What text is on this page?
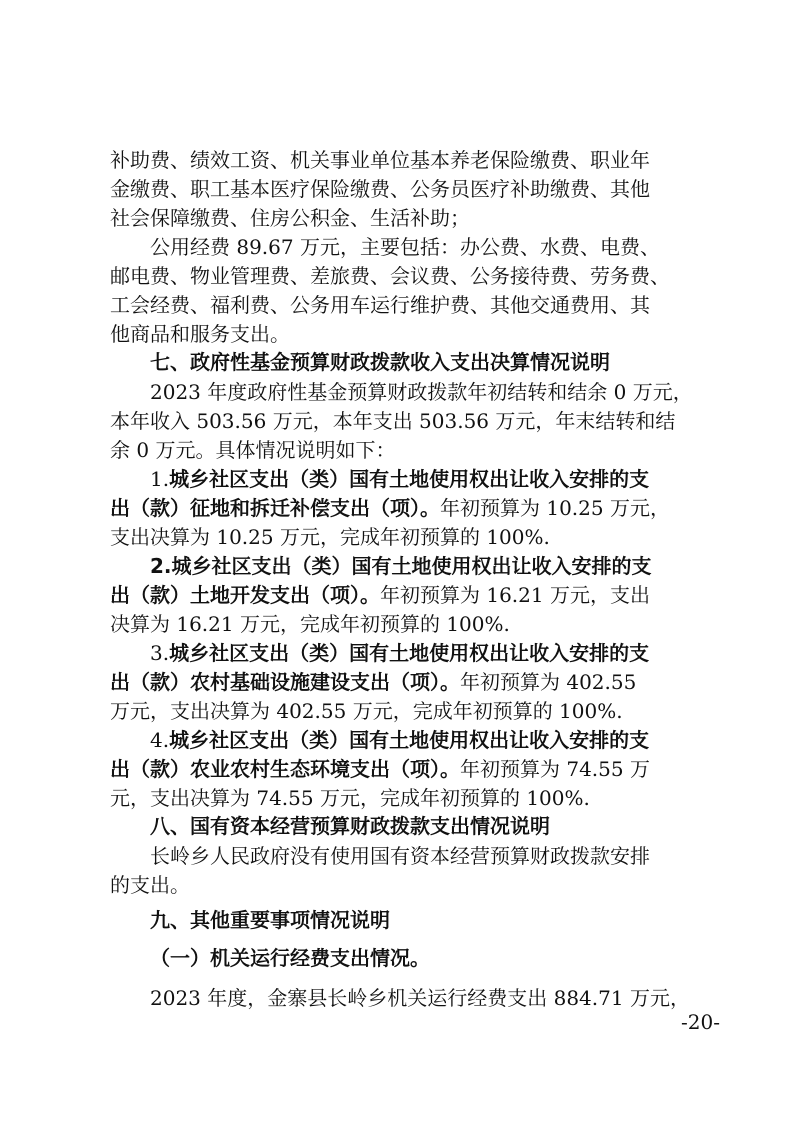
补助费、绩效工资、机关事业单位基本养老保险缴费、职业年
金缴费、职工基本医疗保险缴费、公务员医疗补助缴费、其他
社会保障缴费、住房公积金、生活补助；
公用经费 89.67 万元，主要包括：办公费、水费、电费、
邮电费、物业管理费、差旅费、会议费、公务接待费、劳务费、
工会经费、福利费、公务用车运行维护费、其他交通费用、其
他商品和服务支出。
七、政府性基金预算财政拨款收入支出决算情况说明
2023 年度政府性基金预算财政拨款年初结转和结余 0 万元，
本年收入 503.56 万元，本年支出 503.56 万元，年末结转和结
余 0 万元。具体情况说明如下：
1.城乡社区支出（类）国有土地使用权出让收入安排的支
出（款）征地和拆迁补偿支出（项）。年初预算为 10.25 万元，
支出决算为 10.25 万元，完成年初预算的 100%.
2.城乡社区支出（类）国有土地使用权出让收入安排的支
出（款）土地开发支出（项）。年初预算为 16.21 万元，支出
决算为 16.21 万元，完成年初预算的 100%.
3.城乡社区支出（类）国有土地使用权出让收入安排的支
出（款）农村基础设施建设支出（项）。年初预算为 402.55
万元，支出决算为 402.55 万元，完成年初预算的 100%.
4.城乡社区支出（类）国有土地使用权出让收入安排的支
出（款）农业农村生态环境支出（项）。年初预算为 74.55 万
元，支出决算为 74.55 万元，完成年初预算的 100%.
八、国有资本经营预算财政拨款支出情况说明
长岭乡人民政府没有使用国有资本经营预算财政拨款安排
的支出。
九、其他重要事项情况说明
（一）机关运行经费支出情况。
2023 年度，金寨县长岭乡机关运行经费支出 884.71 万元，
-20-
